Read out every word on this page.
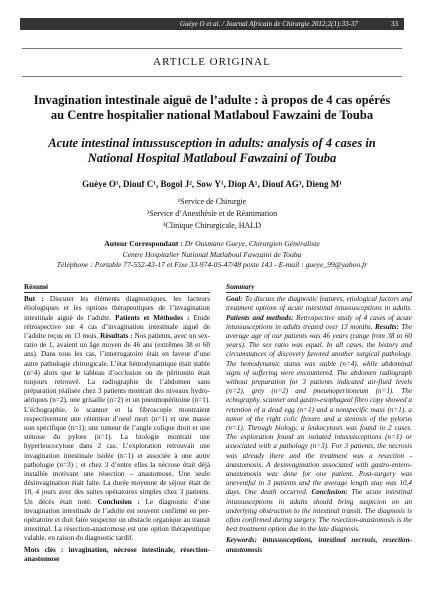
Guèye O et al. / Journal Africain de Chirurgie 2012;2(1):33-37	33
ARTICLE ORIGINAL
Invagination intestinale aiguë de l’adulte : à propos de 4 cas opérés au Centre hospitalier national Matlaboul Fawzaini de Touba
Acute intestinal intussusception in adults: analysis of 4 cases in National Hospital Matlaboul Fawzaini of Touba
Guèye O¹, Diouf C¹, Bogol J², Sow Y¹, Diop A¹, Diouf AG³, Dieng M¹
¹Service de Chirurgie
²Service d’Anesthésie et de Réanimation
³Clinique Chirurgicale, HALD
Auteur Correspondant : Dr Ousmane Gueye, Chirurgien Généraliste
Centre Hospitalier National Matlaboul Fawzaini de Touba
Téléphone : Portable 77-552-43-17 et Fixe 33-974-05-47/48 poste 143 - E-mail : gueye_99@yahoo.fr
Résumé
But : Discuter les éléments diagnostiques, les facteurs étiologiques et les options thérapeutiques de l’invagination intestinale aiguë de l’adulte. Patients et Méthodes : Etude rétrospective sur 4 cas d’invagination intestinale aiguë de l’adulte reçus en 13 mois. Résultats : Nos patients, avec un sex-ratio de 1, avaient un âge moyen de 46 ans (extrêmes 38 et 60 ans). Dans tous les cas, l’interrogatoire était en faveur d’une autre pathologie chirurgicale. L’état hémodynamique était stable (n=4) alors que le tableau d’occlusion ou de péritonite était toujours retrouvé. La radiographie de l’abdomen sans préparation réalisée chez 3 patients montrait des niveaux hydro-aériques (n=2), une grisaille (n=2) et un pneumopéritoine (n=1). L’échographie, le scanner et la fibroscopie montraient respectivement une rétention d’oeuf mort (n=1) et une masse non spécifique (n=1); une tumeur de l’angle colique droit et une sténose du pylore (n=1). La biologie montrait une hyperleucocytose dans 2 cas. L’exploration retrouvait une invagination intestinale isolée (n=1) et associée à une autre pathologie (n=3) ; et chez 3 d’entre elles la nécrose était déjà installée motivant une résection – anastomose. Une seule désinvagination était faite. La durée moyenne de séjour était de 10, 4 jours avec des suites opératoires simples chez 3 patients. Un décès était noté. Conclusion : Le diagnostic d’une invagination intestinale de l’adulte est souvent confirmé en per-opératoire et doit faire suspecter un obstacle organique au transit intestinal. La résection-anastomose est une option thérapeutique valable, en raison du diagnostic tardif.
Mots clés : invagination, nécrose intestinale, résection-anastomose
Summary
Goal: To discuss the diagnostic features, etiological factors and treatment options of acute intestinal intussusceptions in adults. Patients and methods: Retrospective study of 4 cases of acute intussusceptions in adults treated over 13 months. Results: The average age of our patients was 46 years (range from 38 to 60 years). The sex ratio was equal. In all cases, the history and circumstances of discovery favored another surgical pathology. The hemodynamic status was stable (n=4), while abdominal signs of suffering were encountered. The abdomen radiograph without preparation for 3 patients indicated air-fluid levels (n=2), grey (n=2) and pneumoperitoneum (n=1). The echography, scanner and gastro-esophageal fibro copy showed a retention of a dead egg (n=1) and a nonspecific mass (n=1), a tumor of the right colic flexure and a stenosis of the pylorus (n=1). Through biology, a leukocytosis was found in 2 cases. The exploration found an isolated intussusceptions (n=1) or associated with a pathology (n=3). For 3 patients, the necrosis was already there and the treatment was a resection - anastomosis. A desinvagination associated with gastro-entero-anastomosis was done for one patient. Post-surgery was uneventful in 3 patients and the average length stay was 10,4 days. One death occurred. Conclusion: The acute intestinal intussusceptions in adults should bring suspicion on an underlying obstruction to the intestinal transit. The diagnosis is often confirmed during surgery. The resection-anastomosis is the best treatment option due to the late diagnosis.
Keywords: intussusceptions, intestinal necrosis, resection-anastomosis
